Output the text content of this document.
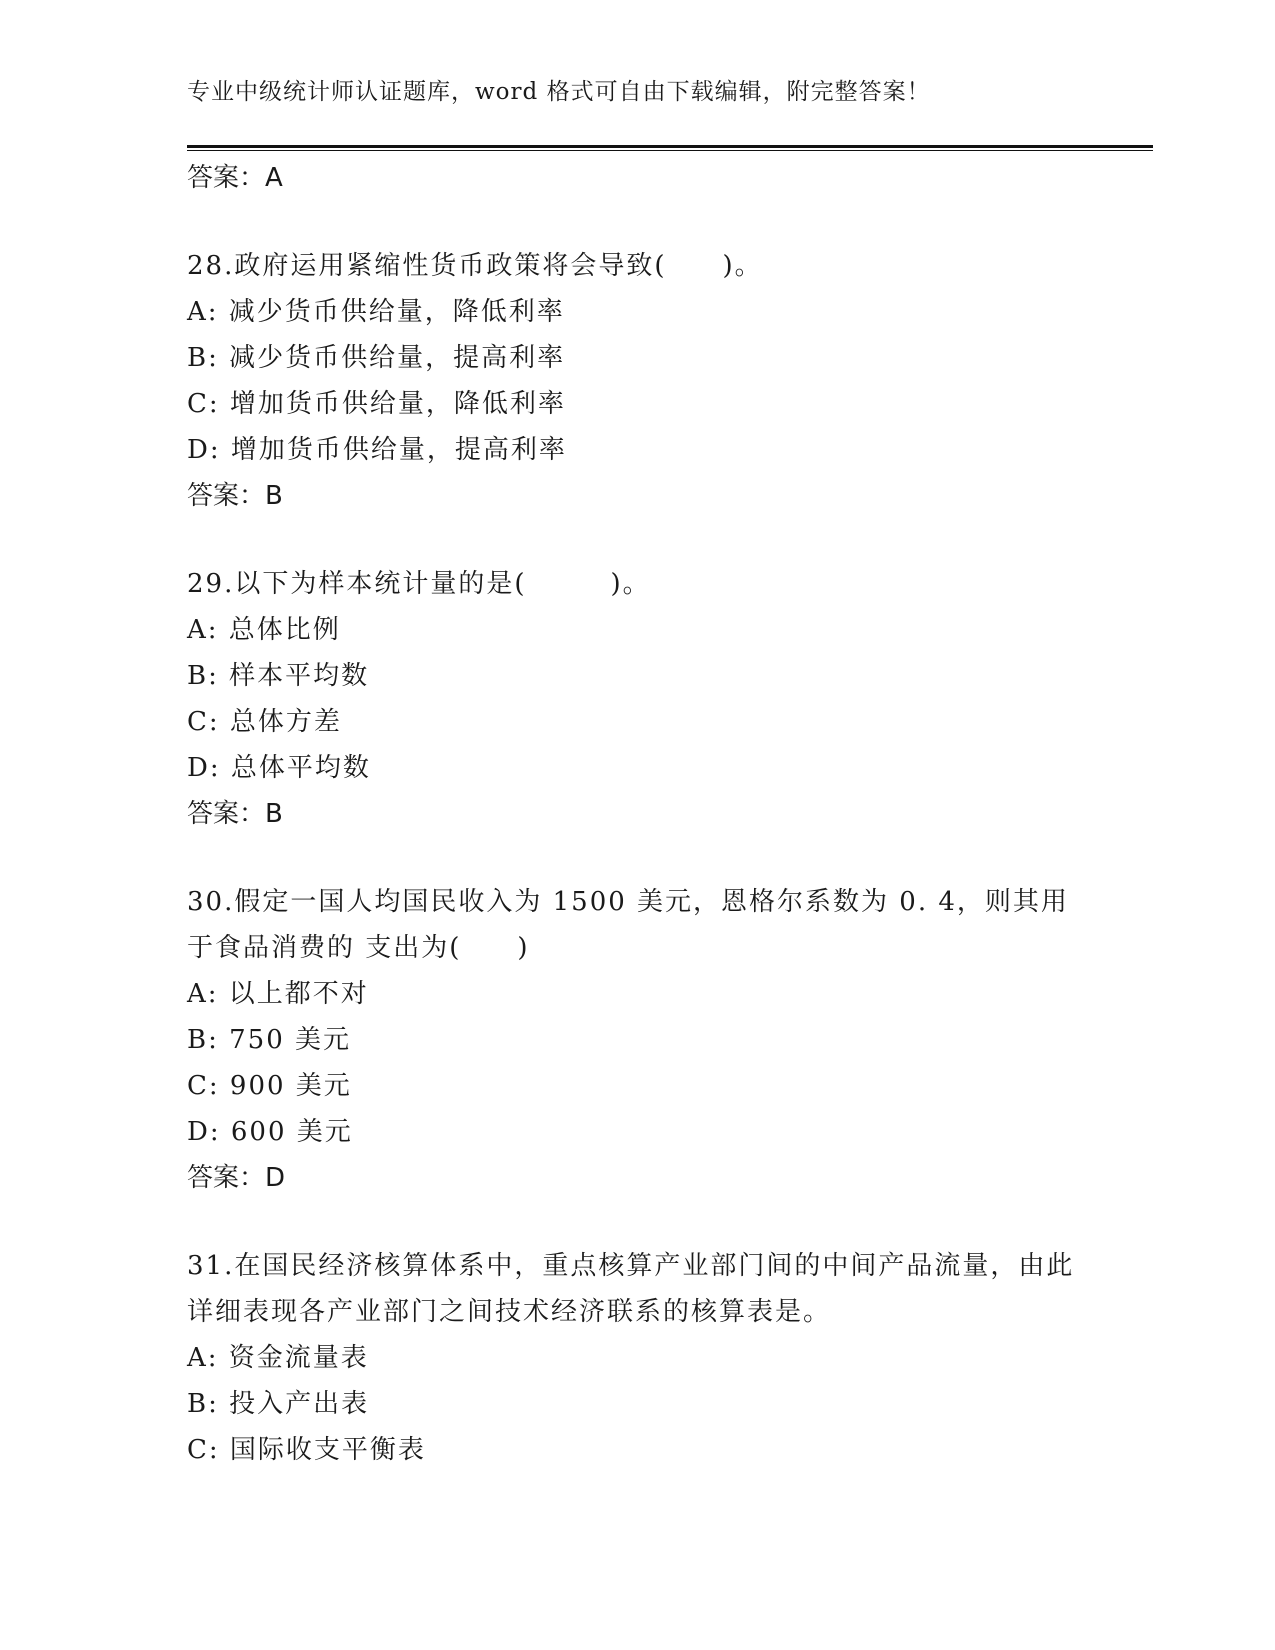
专业中级统计师认证题库，word 格式可自由下载编辑，附完整答案！
答案：A
28.政府运用紧缩性货币政策将会导致(　　)。
A: 减少货币供给量，降低利率
B: 减少货币供给量，提高利率
C: 增加货币供给量，降低利率
D: 增加货币供给量，提高利率
答案：B
29.以下为样本统计量的是(　　　)。
A: 总体比例
B: 样本平均数
C: 总体方差
D: 总体平均数
答案：B
30.假定一国人均国民收入为 1500 美元，恩格尔系数为 0. 4，则其用于食品消费的 支出为(　　)
A: 以上都不对
B: 750 美元
C: 900 美元
D: 600 美元
答案：D
31.在国民经济核算体系中，重点核算产业部门间的中间产品流量，由此详细表现各产业部门之间技术经济联系的核算表是。
A: 资金流量表
B: 投入产出表
C: 国际收支平衡表
